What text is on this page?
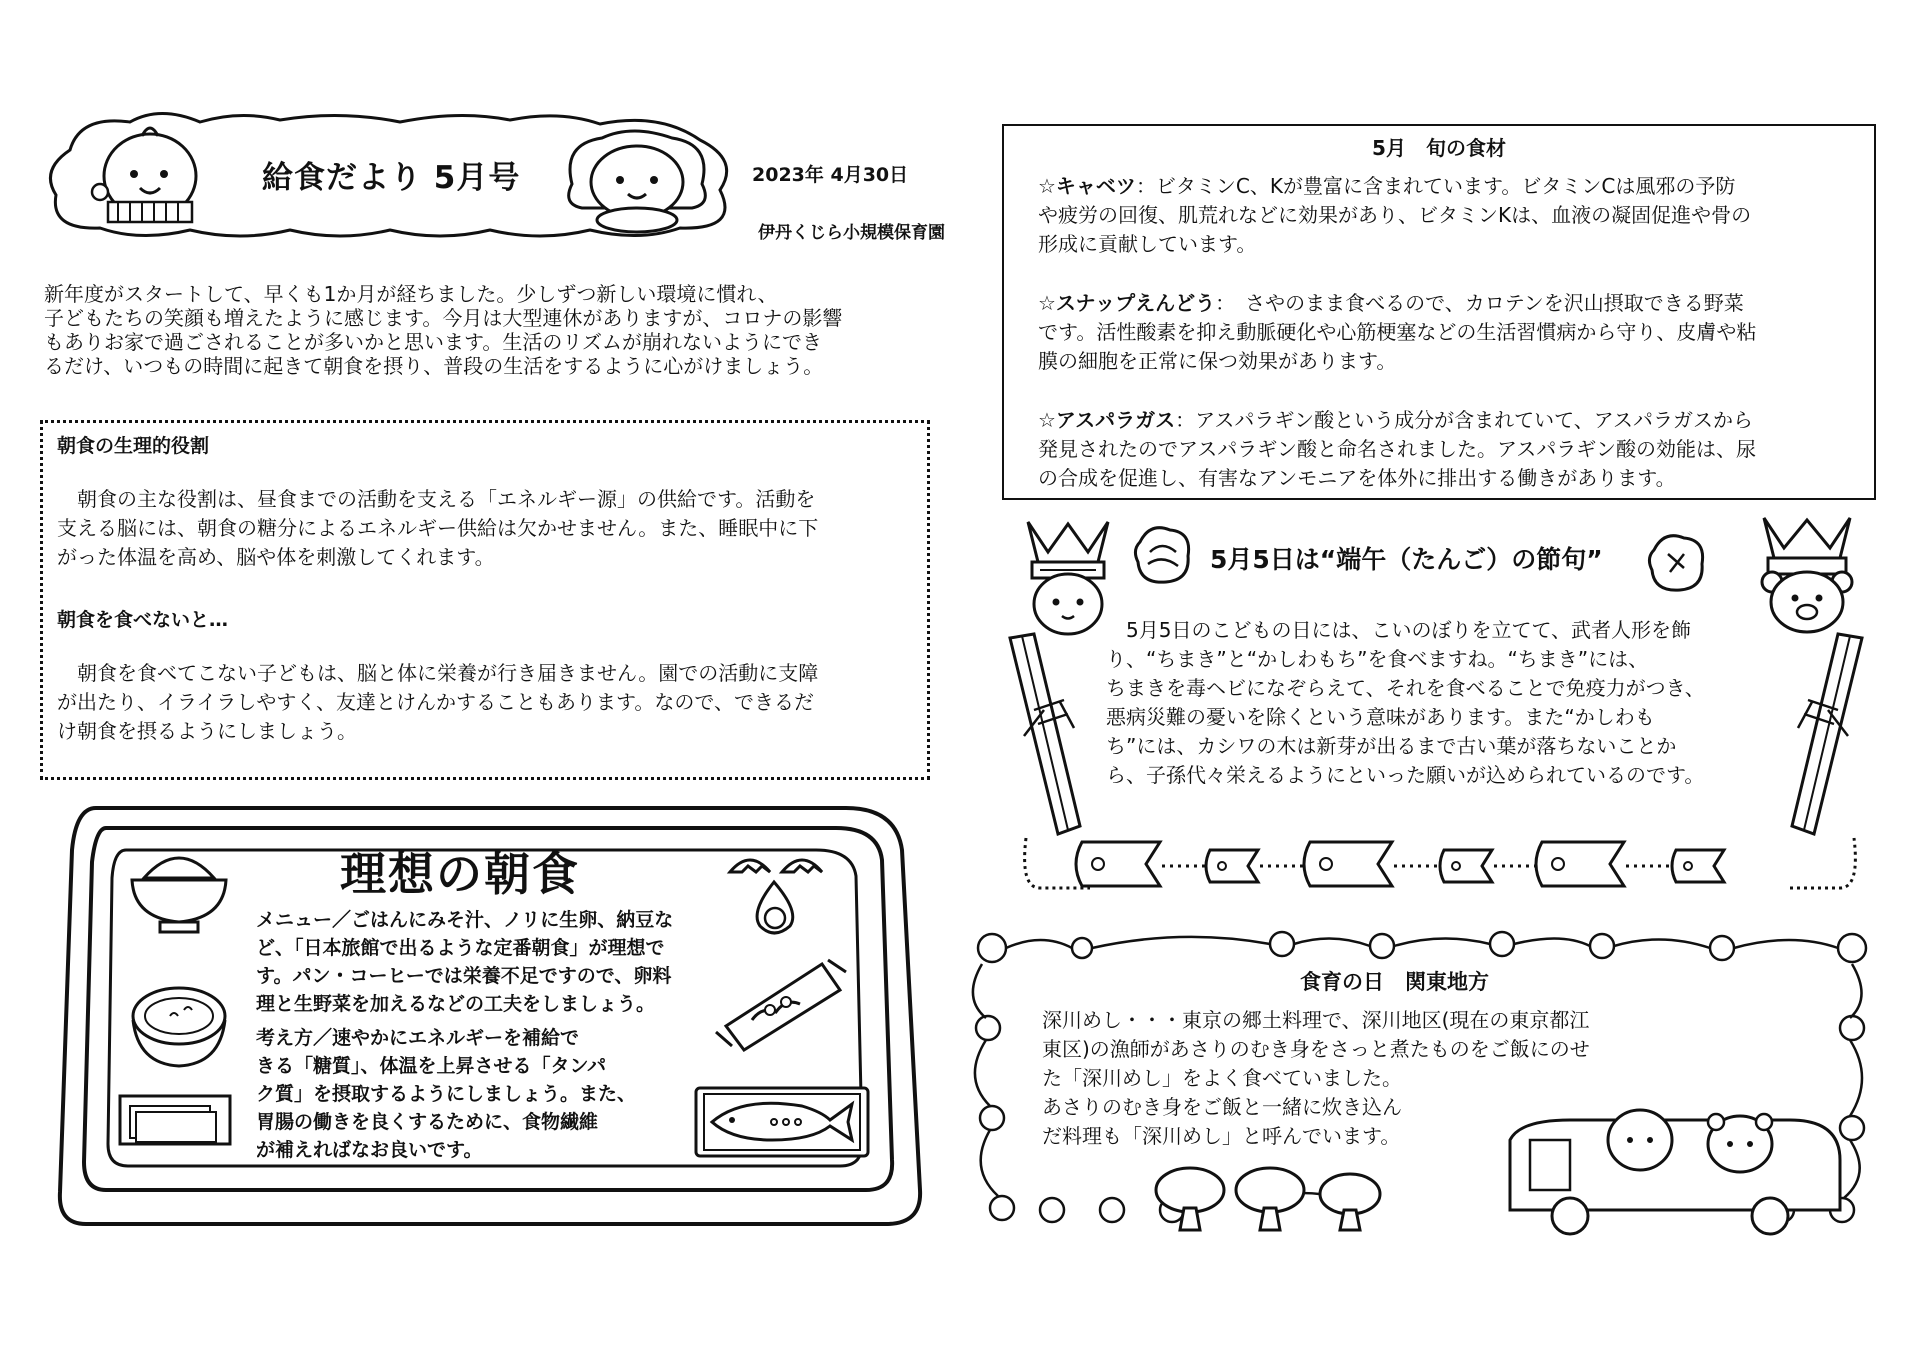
給食だより 5月号	2023年 4月30日
伊丹くじら小規模保育園
新年度がスタートして、早くも1か月が経ちました。少しずつ新しい環境に慣れ、
子どもたちの笑顔も増えたように感じます。今月は大型連休がありますが、コロナの影響
もありお家で過ごされることが多いかと思います。生活のリズムが崩れないようにでき
るだけ、いつもの時間に起きて朝食を摂り、普段の生活をするように心がけましょう。
朝食の生理的役割
　朝食の主な役割は、昼食までの活動を支える「エネルギー源」の供給です。活動を
支える脳には、朝食の糖分によるエネルギー供給は欠かせません。また、睡眠中に下
がった体温を高め、脳や体を刺激してくれます。
朝食を食べないと…
　朝食を食べてこない子どもは、脳と体に栄養が行き届きません。園での活動に支障
が出たり、イライラしやすく、友達とけんかすることもあります。なので、できるだ
け朝食を摂るようにしましょう。
理想の朝食
メニュー／ごはんにみそ汁、ノリに生卵、納豆な
ど、「日本旅館で出るような定番朝食」が理想で
す。パン・コーヒーでは栄養不足ですので、卵料
理と生野菜を加えるなどの工夫をしましょう。
考え方／速やかにエネルギーを補給で
きる「糖質」、体温を上昇させる「タンパ
ク質」を摂取するようにしましょう。また、
胃腸の働きを良くするために、食物繊維
が補えればなお良いです。
5月　旬の食材
☆キャベツ：ビタミンC、Kが豊富に含まれています。ビタミンCは風邪の予防
や疲労の回復、肌荒れなどに効果があり、ビタミンKは、血液の凝固促進や骨の
形成に貢献しています。
☆スナップえんどう：　さやのまま食べるので、カロテンを沢山摂取できる野菜
です。活性酸素を抑え動脈硬化や心筋梗塞などの生活習慣病から守り、皮膚や粘
膜の細胞を正常に保つ効果があります。
☆アスパラガス：アスパラギン酸という成分が含まれていて、アスパラガスから
発見されたのでアスパラギン酸と命名されました。アスパラギン酸の効能は、尿
の合成を促進し、有害なアンモニアを体外に排出する働きがあります。
5月5日は“端午（たんご）の節句”
　5月5日のこどもの日には、こいのぼりを立てて、武者人形を飾
り、“ちまき”と“かしわもち”を食べますね。“ちまき”には、
ちまきを毒ヘビになぞらえて、それを食べることで免疫力がつき、
悪病災難の憂いを除くという意味があります。また“かしわも
ち”には、カシワの木は新芽が出るまで古い葉が落ちないことか
ら、子孫代々栄えるようにといった願いが込められているのです。
食育の日　関東地方
深川めし・・・東京の郷土料理で、深川地区(現在の東京都江
東区)の漁師があさりのむき身をさっと煮たものをご飯にのせ
た「深川めし」をよく食べていました。
あさりのむき身をご飯と一緒に炊き込ん
だ料理も「深川めし」と呼んでいます。
